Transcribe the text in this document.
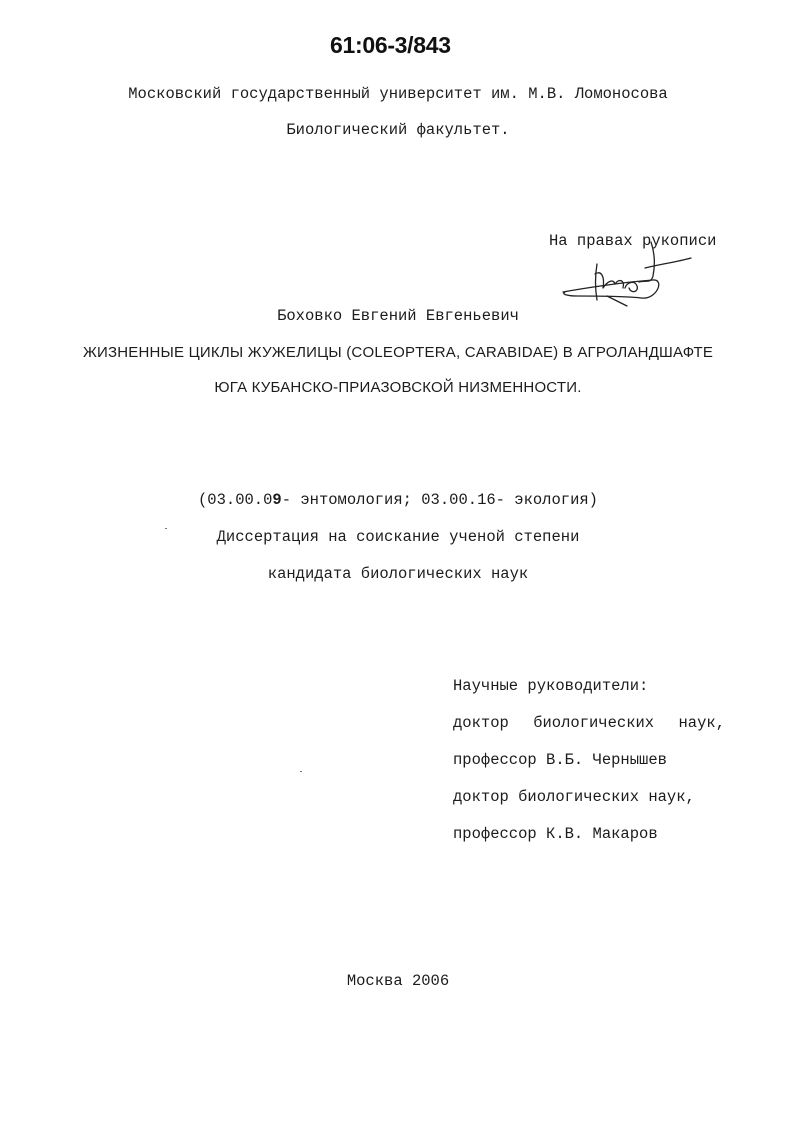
61:06-3/843
Московский государственный университет им. М.В. Ломоносова
Биологический факультет.
На правах рукописи
Боховко Евгений Евгеньевич
ЖИЗНЕННЫЕ ЦИКЛЫ ЖУЖЕЛИЦЫ (COLEOPTERA, CARABIDAE) В АГРОЛАНДШАФТЕ
ЮГА КУБАНСКО-ПРИАЗОВСКОЙ НИЗМЕННОСТИ.
(03.00.09- энтомология; 03.00.16- экология)
Диссертация на соискание ученой степени
кандидата биологических наук
Научные руководители:
доктор биологических наук,
профессор В.Б. Чернышев
доктор биологических наук,
профессор К.В. Макаров
Москва 2006
